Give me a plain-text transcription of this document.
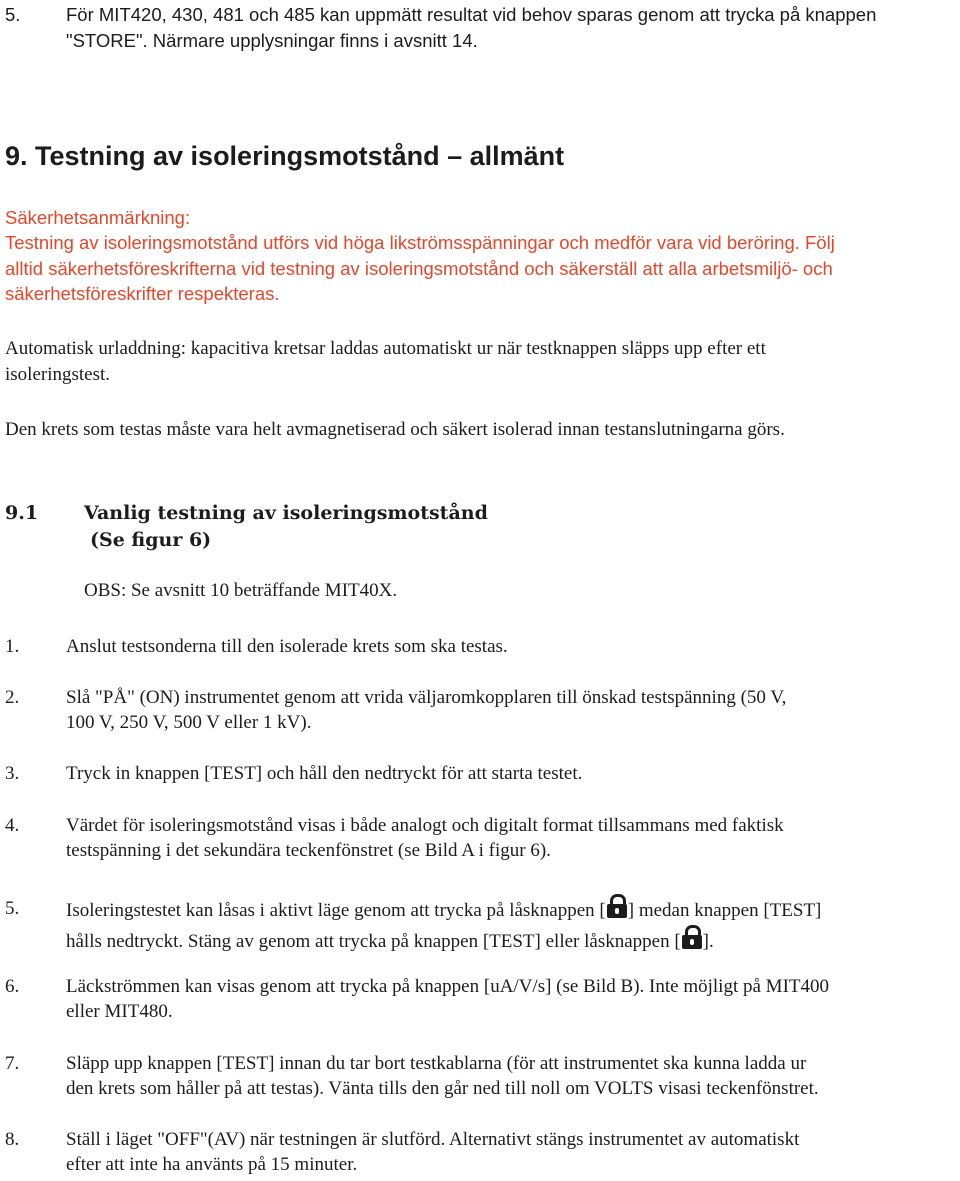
5.	För MIT420, 430, 481 och 485 kan uppmätt resultat vid behov sparas genom att trycka på knappen
"STORE". Närmare upplysningar finns i avsnitt 14.
9. Testning av isoleringsmotstånd – allmänt
Säkerhetsanmärkning:
Testning av isoleringsmotstånd utförs vid höga likströmsspänningar och medför vara vid beröring. Följ
alltid säkerhetsföreskrifterna vid testning av isoleringsmotstånd och säkerställ att alla arbetsmiljö- och
säkerhetsföreskrifter respekteras.
Automatisk urladdning: kapacitiva kretsar laddas automatiskt ur när testknappen släpps upp efter ett
isoleringstest.
Den krets som testas måste vara helt avmagnetiserad och säkert isolerad innan testanslutningarna görs.
9.1 Vanlig testning av isoleringsmotstånd
(Se figur 6)
OBS: Se avsnitt 10 beträffande MIT40X.
1.	Anslut testsonderna till den isolerade krets som ska testas.
2.	Slå "PÅ" (ON) instrumentet genom att vrida väljaromkopplaren till önskad testspänning (50 V,
100 V, 250 V, 500 V eller 1 kV).
3.	Tryck in knappen [TEST] och håll den nedtryckt för att starta testet.
4.	Värdet för isoleringsmotstånd visas i både analogt och digitalt format tillsammans med faktisk
testspänning i det sekundära teckenfönstret (se Bild A i figur 6).
5.	Isoleringstestet kan låsas i aktivt läge genom att trycka på låsknappen [ ] medan knappen [TEST]
hålls nedtryckt. Stäng av genom att trycka på knappen [TEST] eller låsknappen [ ].
6.	Läckströmmen kan visas genom att trycka på knappen [uA/V/s] (se Bild B). Inte möjligt på MIT400
eller MIT480.
7.	Släpp upp knappen [TEST] innan du tar bort testkablarna (för att instrumentet ska kunna ladda ur
den krets som håller på att testas). Vänta tills den går ned till noll om VOLTS visasi teckenfönstret.
8.	Ställ i läget "OFF"(AV) när testningen är slutförd. Alternativt stängs instrumentet av automatiskt
efter att inte ha använts på 15 minuter.
